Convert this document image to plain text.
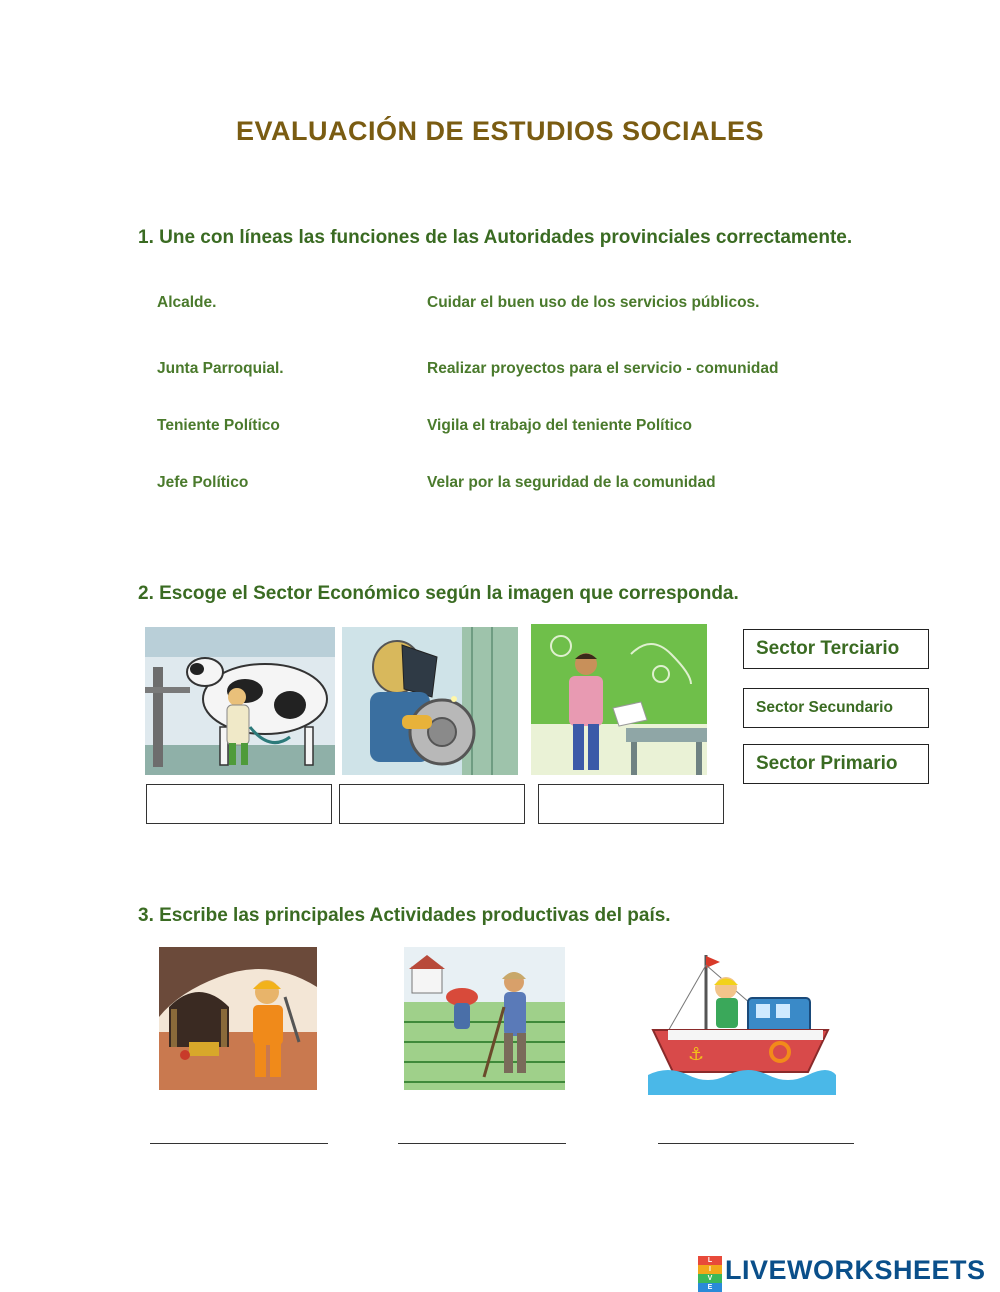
EVALUACIÓN DE ESTUDIOS SOCIALES
1. Une con líneas las funciones de las Autoridades provinciales correctamente.
Alcalde.
Junta Parroquial.
Teniente Político
Jefe Político
Cuidar el buen uso de los servicios públicos.
Realizar proyectos para el servicio - comunidad
Vigila el trabajo del teniente Político
Velar por la seguridad de la comunidad
2. Escoge el Sector Económico según la imagen que corresponda.
Sector Terciario
Sector Secundario
Sector Primario
3. Escribe las principales Actividades productivas del país.
⚓
L
I
V
E
LIVEWORKSHEETS
